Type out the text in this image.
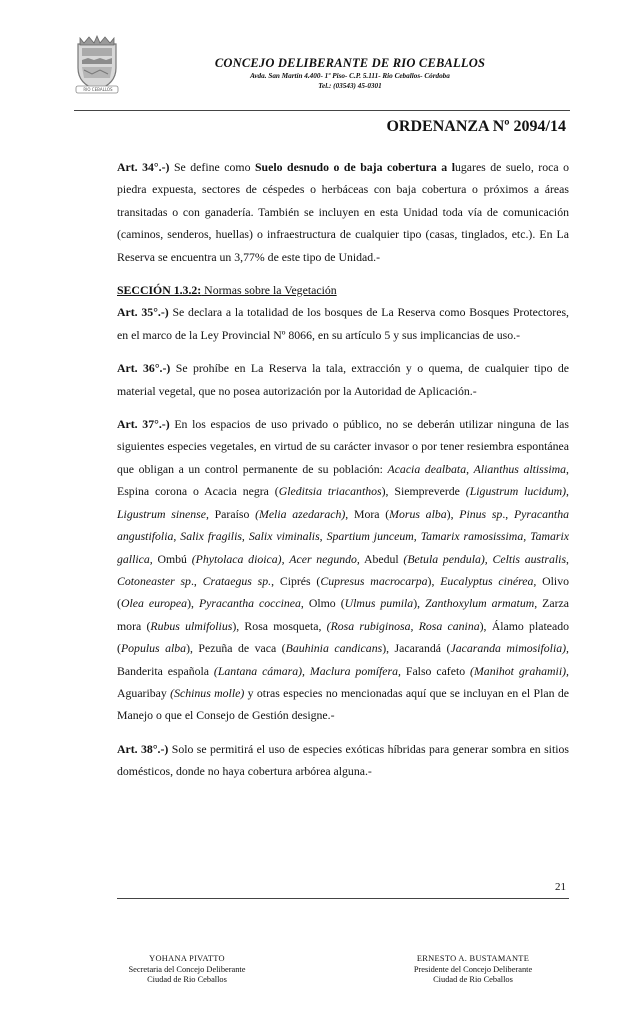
RIO CEBALLOS
CONCEJO DELIBERANTE DE RIO CEBALLOS
Avda. San Martín 4.400- 1º Piso- C.P. 5.111- Rio Ceballos- Córdoba
Tel.: (03543) 45-0301
ORDENANZA Nº 2094/14

Art. 34°.-) Se define como Suelo desnudo o de baja cobertura a lugares de suelo, roca o piedra expuesta, sectores de céspedes o herbáceas con baja cobertura o próximos a áreas transitadas o con ganadería. También se incluyen en esta Unidad toda vía de comunicación (caminos, senderos, huellas) o infraestructura de cualquier tipo (casas, tinglados, etc.). En La Reserva se encuentra un 3,77% de este tipo de Unidad.-

SECCIÓN 1.3.2: Normas sobre la Vegetación

Art. 35°.-) Se declara a la totalidad de los bosques de La Reserva como Bosques Protectores, en el marco de la Ley Provincial Nº 8066, en su artículo 5 y sus implicancias de uso.-

Art. 36°.-) Se prohíbe en La Reserva la tala, extracción y o quema, de cualquier tipo de material vegetal, que no posea autorización por la Autoridad de Aplicación.-

Art. 37°.-) En los espacios de uso privado o público, no se deberán utilizar ninguna de las siguientes especies vegetales, en virtud de su carácter invasor o por tener resiembra espontánea que obligan a un control permanente de su población: Acacia dealbata, Alianthus altissima, Espina corona o Acacia negra (Gleditsia triacanthos), Siempreverde (Ligustrum lucidum), Ligustrum sinense, Paraíso (Melia azedarach), Mora (Morus alba), Pinus sp., Pyracantha angustifolia, Salix fragilis, Salix viminalis, Spartium junceum, Tamarix ramosissima, Tamarix gallica, Ombú (Phytolaca dioica), Acer negundo, Abedul (Betula pendula), Celtis australis, Cotoneaster sp., Crataegus sp., Ciprés (Cupresus macrocarpa), Eucalyptus cinérea, Olivo (Olea europea), Pyracantha coccinea, Olmo (Ulmus pumila), Zanthoxylum armatum, Zarza mora (Rubus ulmifolius), Rosa mosqueta, (Rosa rubiginosa, Rosa canina), Álamo plateado (Populus alba), Pezuña de vaca (Bauhinia candicans), Jacarandá (Jacaranda mimosifolia), Banderita española (Lantana cámara), Maclura pomífera, Falso cafeto (Manihot grahamii), Aguaribay (Schinus molle) y otras especies no mencionadas aquí que se incluyan en el Plan de Manejo o que el Consejo de Gestión designe.-

Art. 38°.-) Solo se permitirá el uso de especies exóticas híbridas para generar sombra en sitios domésticos, donde no haya cobertura arbórea alguna.-

21
YOHANA PIVATTO
Secretaria del Concejo Deliberante
Ciudad de Rio Ceballos
ERNESTO A. BUSTAMANTE
Presidente del Concejo Deliberante
Ciudad de Rio Ceballos
